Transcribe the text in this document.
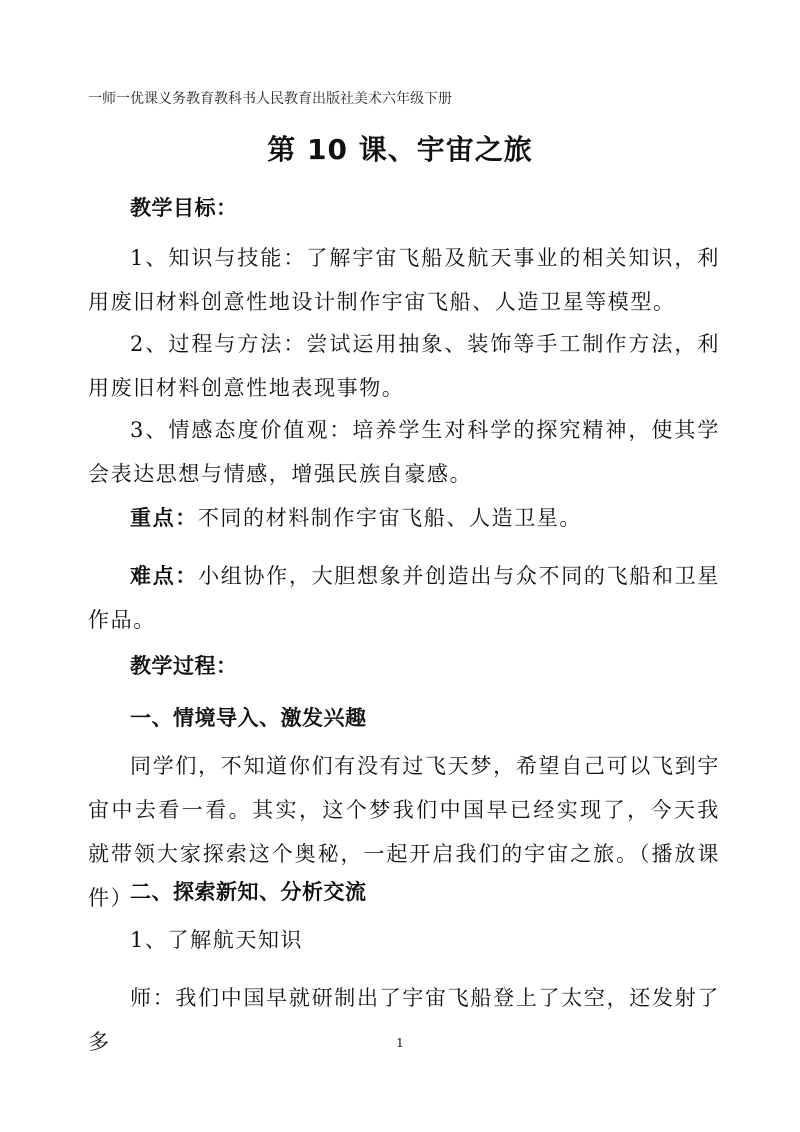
一师一优课义务教育教科书人民教育出版社美术六年级下册
第 10 课、宇宙之旅
教学目标：
1、知识与技能：了解宇宙飞船及航天事业的相关知识，利用废旧材料创意性地设计制作宇宙飞船、人造卫星等模型。
2、过程与方法：尝试运用抽象、装饰等手工制作方法，利用废旧材料创意性地表现事物。
3、情感态度价值观：培养学生对科学的探究精神，使其学会表达思想与情感，增强民族自豪感。
重点：不同的材料制作宇宙飞船、人造卫星。
难点：小组协作，大胆想象并创造出与众不同的飞船和卫星作品。
教学过程：
一、情境导入、激发兴趣
同学们，不知道你们有没有过飞天梦，希望自己可以飞到宇宙中去看一看。其实，这个梦我们中国早已经实现了，今天我就带领大家探索这个奥秘，一起开启我们的宇宙之旅。（播放课件）
二、探索新知、分析交流
1、了解航天知识
师：我们中国早就研制出了宇宙飞船登上了太空，还发射了多	1
